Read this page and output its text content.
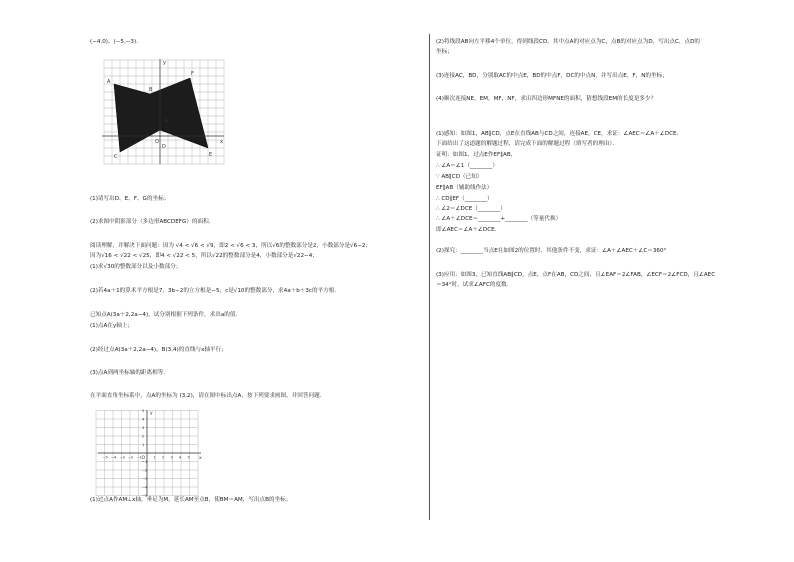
(−4,0)、(−5,−3)．
A
B
C
D
E
F
G
x
y
O
(1)请写出D、E、F、G的坐标；
(2)求图中阴影部分（多边形ABCDEFG）的面积．
阅读理解，并解决下面问题：因为 √4 < √6 < √9，即2 < √6 < 3，所以√6的整数部分是2，小数部分是√6−2；
因为√16 < √22 < √25，即4 < √22 < 5，所以√22的整数部分是4，小数部分是√22−4；
(1)求√30的整数部分以及小数部分；
(2)若4a＋1的算术平方根是7，3b−2的立方根是−5，c是√10的整数部分，求4a＋b＋3c的平方根．
已知点A(3a＋2,2a−4)，试分别根据下列条件，求出a的值．
(1)点A在y轴上；
(2)经过点A(3a＋2,2a−4)，B(3,4)的直线与x轴平行；
(3)点A到两坐标轴的距离相等．
在平面直角坐标系中，点A的坐标为 (3,2)，请在图中标出点A，按下列要求画图，并回答问题．
−5 −4 −3 −2 −1	1 2 3 4 5
5
4
3
2
1
−1
−2
−3
−4
−5
x
y
O
(1)过点A作AM⊥x轴，垂足为M，延长AM至点B，使BM＝AM，写出点B的坐标；
(2)将线段AB向左平移4个单位，得到线段CD，其中点A的对应点为C，点B的对应点为D，写出点C，点D的
坐标；
(3)连接AC，BD，分别取AC的中点E，BD的中点F，DC的中点N，并写出点E，F，N的坐标；
(4)顺次连接NE，EM，MF，NF，求出四边形MFNE的面积，猜想线段EM的长度是多少？
(1)感知：如图1，AB∥CD，点E在直线AB与CD之间，连接AE，CE，求证：∠AEC＝∠A＋∠DCE．
下面给出了这道题的解题过程，请完成下面的解题过程（填写者的理由）．
证明：如图1，过点E作EF∥AB，
∴ ∠A＝∠1（________）
∵ AB∥CD（已知）
EF∥AB（辅助线作法）
∴ CD∥EF（________）
∴ ∠2＝∠DCE（________）
∴ ∠A＋∠DCE＝________+________（等量代换）
即∠AEC＝∠A＋∠DCE．
(2)探究：________当点E在如图2的位置时，其他条件不变，求证：∠A＋∠AEC＋∠C＝360°
(3)应用：如图3，已知直线AB∥CD，点E，点F在AB，CD之间，且∠EAF＝2∠FAB，∠ECF＝2∠FCD，且∠AEC
＝34°时，试求∠AFC的度数．
